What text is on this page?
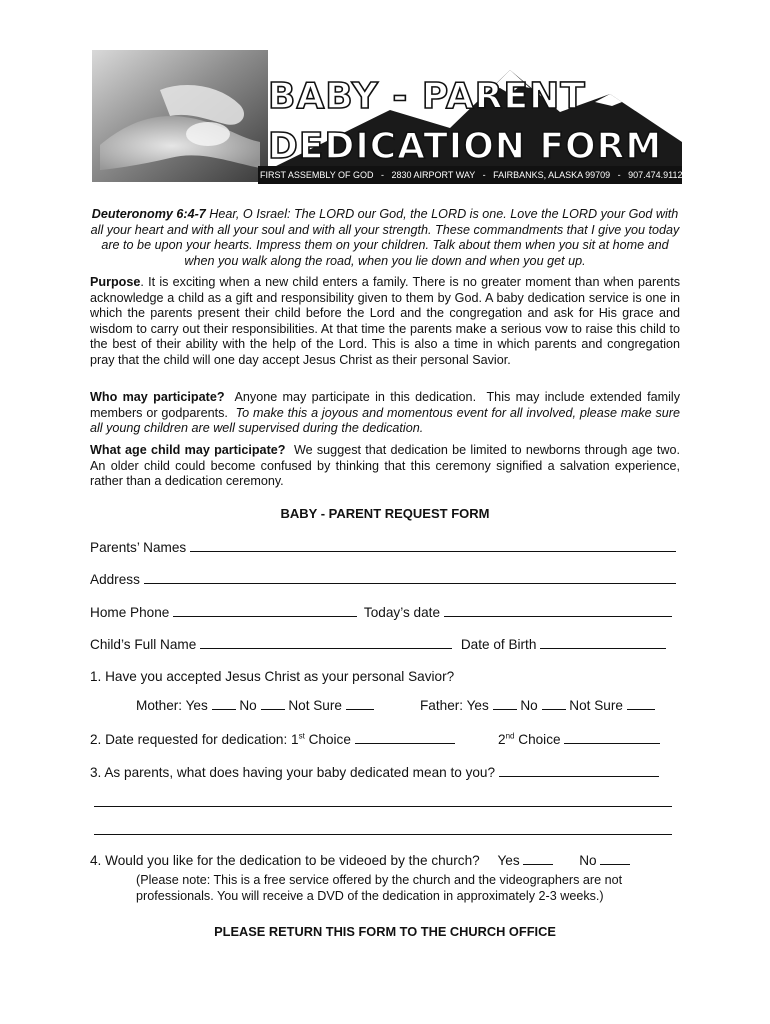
BABY - PARENT
DEDICATION FORM
FIRST ASSEMBLY OF GOD   -   2830 AIRPORT WAY   -   FAIRBANKS, ALASKA 99709   -   907.474.9112
Deuteronomy 6:4-7 Hear, O Israel: The LORD our God, the LORD is one. Love the LORD your God with all your heart and with all your soul and with all your strength. These commandments that I give you today are to be upon your hearts. Impress them on your children. Talk about them when you sit at home and when you walk along the road, when you lie down and when you get up.

Purpose. It is exciting when a new child enters a family. There is no greater moment than when parents acknowledge a child as a gift and responsibility given to them by God. A baby dedication service is one in which the parents present their child before the Lord and the congregation and ask for His grace and wisdom to carry out their responsibilities. At that time the parents make a serious vow to raise this child to the best of their ability with the help of the Lord. This is also a time in which parents and congregation pray that the child will one day accept Jesus Christ as their personal Savior.

Who may participate?  Anyone may participate in this dedication.  This may include extended family members or godparents.  To make this a joyous and momentous event for all involved, please make sure all young children are well supervised during the dedication.

What age child may participate?  We suggest that dedication be limited to newborns through age two.  An older child could become confused by thinking that this ceremony signified a salvation experience, rather than a dedication ceremony.

BABY - PARENT REQUEST FORM
Parents’ Names
Address
Home Phone	Today’s date
Child’s Full Name	Date of Birth
1. Have you accepted Jesus Christ as your personal Savior?
Mother: Yes No Not Sure	Father: Yes No Not Sure
2. Date requested for dedication: 1st Choice	2nd Choice
3. As parents, what does having your baby dedicated mean to you?
4. Would you like for the dedication to be videoed by the church? Yes	No

(Please note: This is a free service offered by the church and the videographers are not professionals. You will receive a DVD of the dedication in approximately 2-3 weeks.)

PLEASE RETURN THIS FORM TO THE CHURCH OFFICE
